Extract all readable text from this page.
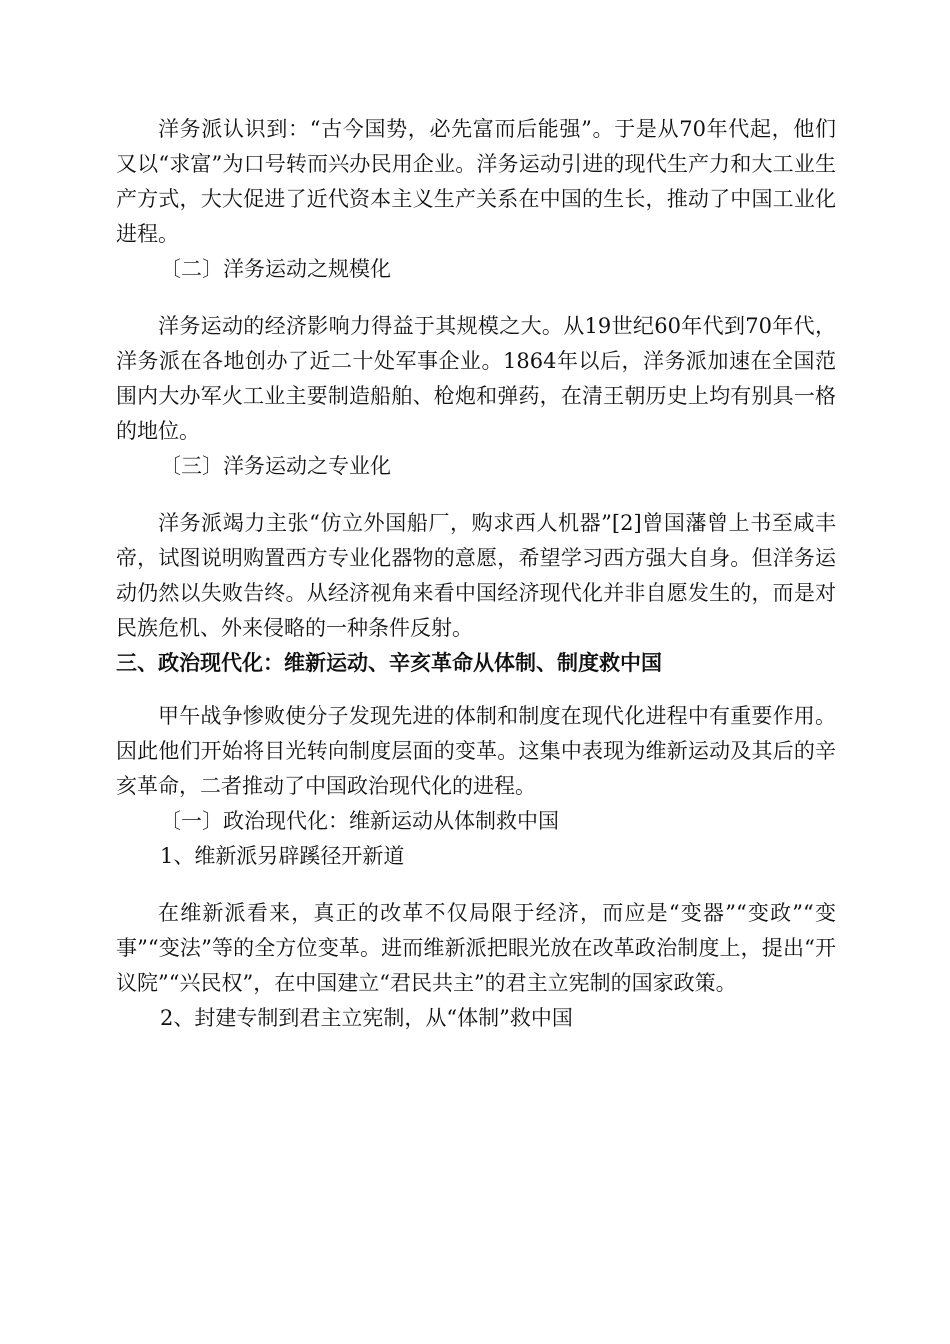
洋务派认识到：“古今国势，必先富而后能强”。于是从70年代起，他们又以“求富”为口号转而兴办民用企业。洋务运动引进的现代生产力和大工业生产方式，大大促进了近代资本主义生产关系在中国的生长，推动了中国工业化进程。

〔二〕洋务运动之规模化

洋务运动的经济影响力得益于其规模之大。从19世纪60年代到70年代，洋务派在各地创办了近二十处军事企业。1864年以后，洋务派加速在全国范围内大办军火工业主要制造船舶、枪炮和弹药，在清王朝历史上均有别具一格的地位。

〔三〕洋务运动之专业化

洋务派竭力主张“仿立外国船厂，购求西人机器”[2]曾国藩曾上书至咸丰帝，试图说明购置西方专业化器物的意愿，希望学习西方强大自身。但洋务运动仍然以失败告终。从经济视角来看中国经济现代化并非自愿发生的，而是对民族危机、外来侵略的一种条件反射。

三、政治现代化：维新运动、辛亥革命从体制、制度救中国

甲午战争惨败使分子发现先进的体制和制度在现代化进程中有重要作用。因此他们开始将目光转向制度层面的变革。这集中表现为维新运动及其后的辛亥革命，二者推动了中国政治现代化的进程。

〔一〕政治现代化：维新运动从体制救中国

1、维新派另辟蹊径开新道

在维新派看来，真正的改革不仅局限于经济，而应是“变器”“变政”“变事”“变法”等的全方位变革。进而维新派把眼光放在改革政治制度上，提出“开议院”“兴民权”，在中国建立“君民共主”的君主立宪制的国家政策。

2、封建专制到君主立宪制，从“体制”救中国
